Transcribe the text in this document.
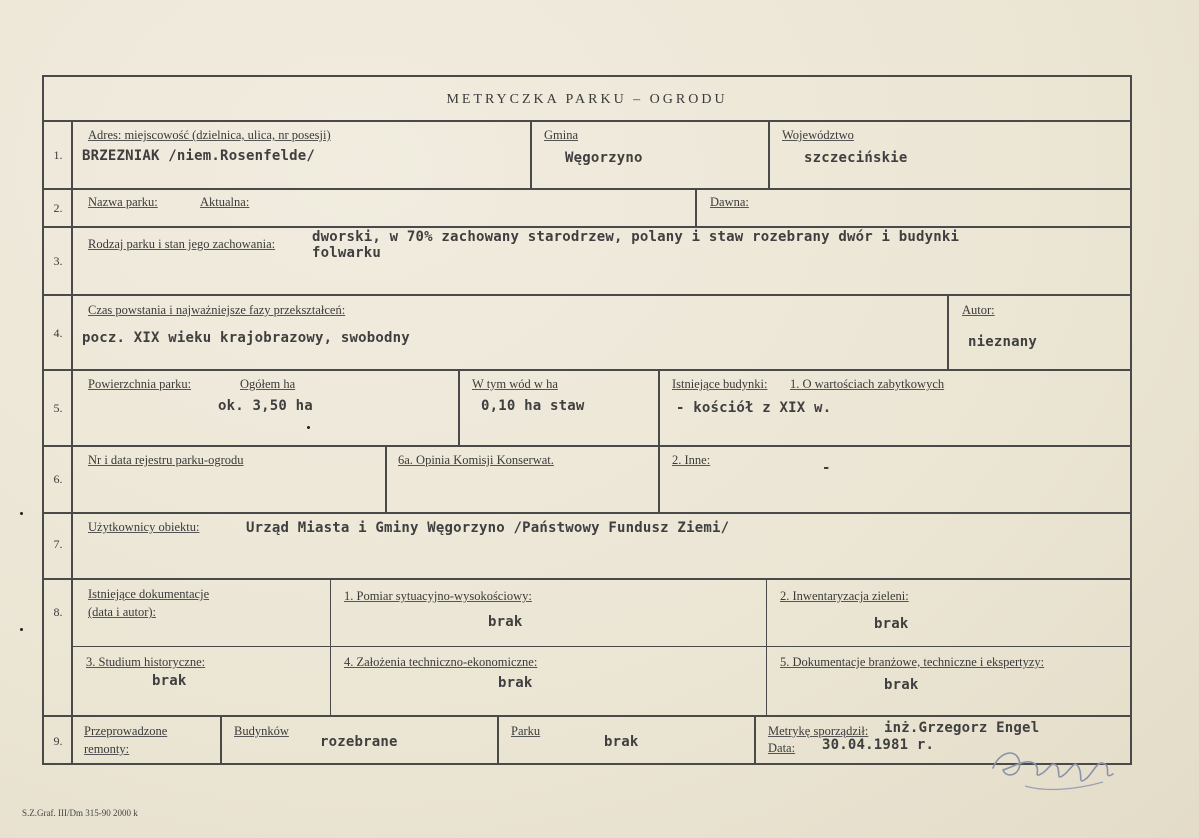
METRYCZKA PARKU – OGRODU
1.
Adres: miejscowość (dzielnica, ulica, nr posesji)
BRZEZNIAK /niem.Rosenfelde/
Gmina
Węgorzyno
Województwo
szczecińskie
2.	Nazwa parku:	Aktualna:	Dawna:
3.
Rodzaj parku i stan jego zachowania:	dworski, w 70% zachowany starodrzew, polany i staw rozebrany dwór i budynki
folwarku
4.
Czas powstania i najważniejsze fazy przekształceń:
pocz. XIX wieku krajobrazowy, swobodny
Autor:
nieznany
5.
Powierzchnia parku:	Ogółem ha
ok. 3,50 ha
W tym wód w ha
0,10 ha staw
Istniejące budynki: 1. O wartościach zabytkowych
- kościół z XIX w.
6.
Nr i data rejestru parku-ogrodu	6a. Opinia Komisji Konserwat.	2. Inne:	-
7.
Użytkownicy obiektu:	Urząd Miasta i Gminy Węgorzyno /Państwowy Fundusz Ziemi/
8.
Istniejące dokumentacje
(data i autor):
1. Pomiar sytuacyjno-wysokościowy:
brak
2. Inwentaryzacja zieleni:
brak
3. Studium historyczne:
brak
4. Założenia techniczno-ekonomiczne:
brak
5. Dokumentacje branżowe, techniczne i ekspertyzy:
brak
9.
Przeprowadzone
remonty:
Budynków
rozebrane
Parku
brak
Metrykę sporządził: inż.Grzegorz Engel
Data: 30.04.1981 r.
S.Z.Graf. III/Dm 315-90 2000 k
